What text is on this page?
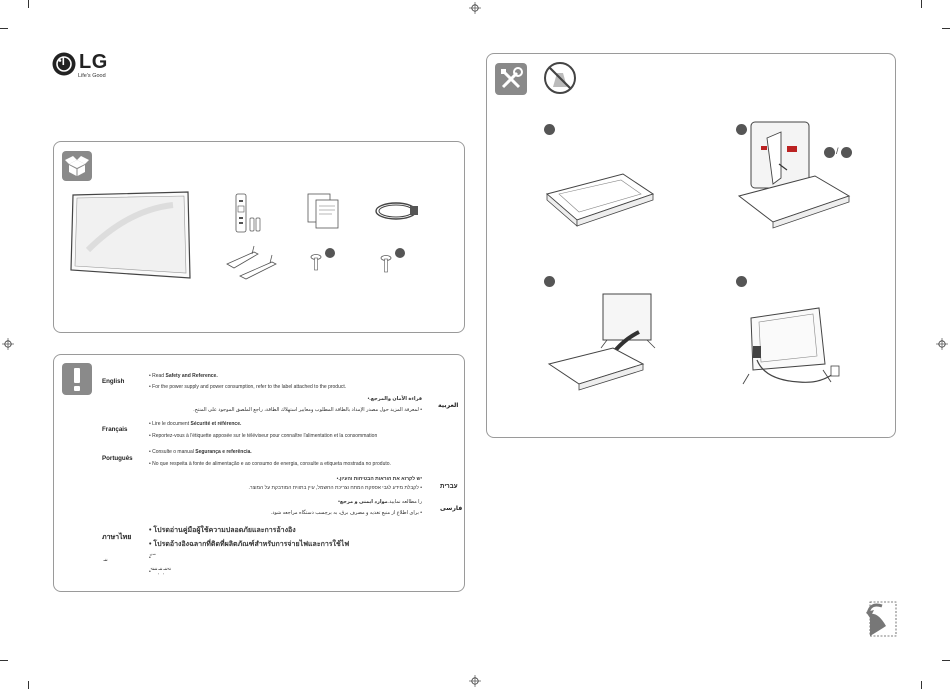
LG
Life's Good
English
• Read Safety and Reference.
• For the power supply and power consumption, refer to the label attached to the product.
العربية
قراءة الأمان والمرجع.•
• لمعرفة المزيد حول مصدر الإمداد بالطاقة المطلوب ومعايير استهلاك الطاقة، راجع الملصق الموجود على المنتج.
Français
• Lire le document Sécurité et référence.
• Reportez-vous à l'étiquette apposée sur le téléviseur pour connaître l'alimentation et la consommation
Português
• Consulte o manual Segurança e referência.
• No que respeita à fonte de alimentação e ao consumo de energia, consulte a etiqueta mostrada no produto.
עברית
יש לקרוא את הוראות הבטיחות והעיון.•
• לקבלת מידע לגבי אספקת המתח וצריכת החשמל, עיין בתווית המודבקת על המוצר.
فارسی
را مطالعه نمایید.موارد ایمنی و مرجع•
• برای اطلاع از منبع تغذیه و مصرف برق، به برچسب دستگاه مراجعه شود.
ภาษาไทย
• โปรดอ่านคู่มือผู้ใช้ความปลอดภัยและการอ้างอิง
• โปรดอ้างอิงฉลากที่ติดที่ผลิตภัณฑ์สำหรับการจ่ายไฟและการใช้ไฟ
ี่ ี่
• ็ ้ ้
• ้ ี่ ี่ ี่ ุ ี่ ี่ ุ ี่ ี่ ้ ี่
/
